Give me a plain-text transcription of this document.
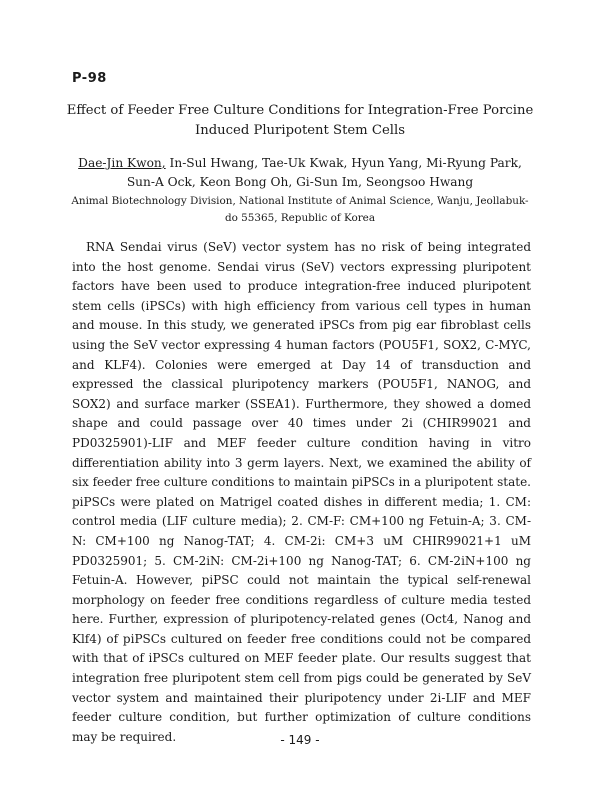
P-98
Effect of Feeder Free Culture Conditions for Integration-Free Porcine Induced Pluripotent Stem Cells
Dae-Jin Kwon, In-Sul Hwang, Tae-Uk Kwak, Hyun Yang, Mi-Ryung Park, Sun-A Ock, Keon Bong Oh, Gi-Sun Im, Seongsoo Hwang
Animal Biotechnology Division, National Institute of Animal Science, Wanju, Jeollabuk-do 55365, Republic of Korea

RNA Sendai virus (SeV) vector system has no risk of being integrated into the host genome. Sendai virus (SeV) vectors expressing pluripotent factors have been used to produce integration-free induced pluripotent stem cells (iPSCs) with high efficiency from various cell types in human and mouse. In this study, we generated iPSCs from pig ear fibroblast cells using the SeV vector expressing 4 human factors (POU5F1, SOX2, C-MYC, and KLF4). Colonies were emerged at Day 14 of transduction and expressed the classical pluripotency markers (POU5F1, NANOG, and SOX2) and surface marker (SSEA1). Furthermore, they showed a domed shape and could passage over 40 times under 2i (CHIR99021 and PD0325901)-LIF and MEF feeder culture condition having in vitro differentiation ability into 3 germ layers. Next, we examined the ability of six feeder free culture conditions to maintain piPSCs in a pluripotent state. piPSCs were plated on Matrigel coated dishes in different media; 1. CM: control media (LIF culture media); 2. CM-F: CM+100 ng Fetuin-A; 3. CM-N: CM+100 ng Nanog-TAT; 4. CM-2i: CM+3 uM CHIR99021+1 uM PD0325901; 5. CM-2iN: CM-2i+100 ng Nanog-TAT; 6. CM-2iN+100 ng Fetuin-A. However, piPSC could not maintain the typical self-renewal morphology on feeder free conditions regardless of culture media tested here. Further, expression of pluripotency-related genes (Oct4, Nanog and Klf4) of piPSCs cultured on feeder free conditions could not be compared with that of iPSCs cultured on MEF feeder plate. Our results suggest that integration free pluripotent stem cell from pigs could be generated by SeV vector system and maintained their pluripotency under 2i-LIF and MEF feeder culture condition, but further optimization of culture conditions may be required.	- 149 -
